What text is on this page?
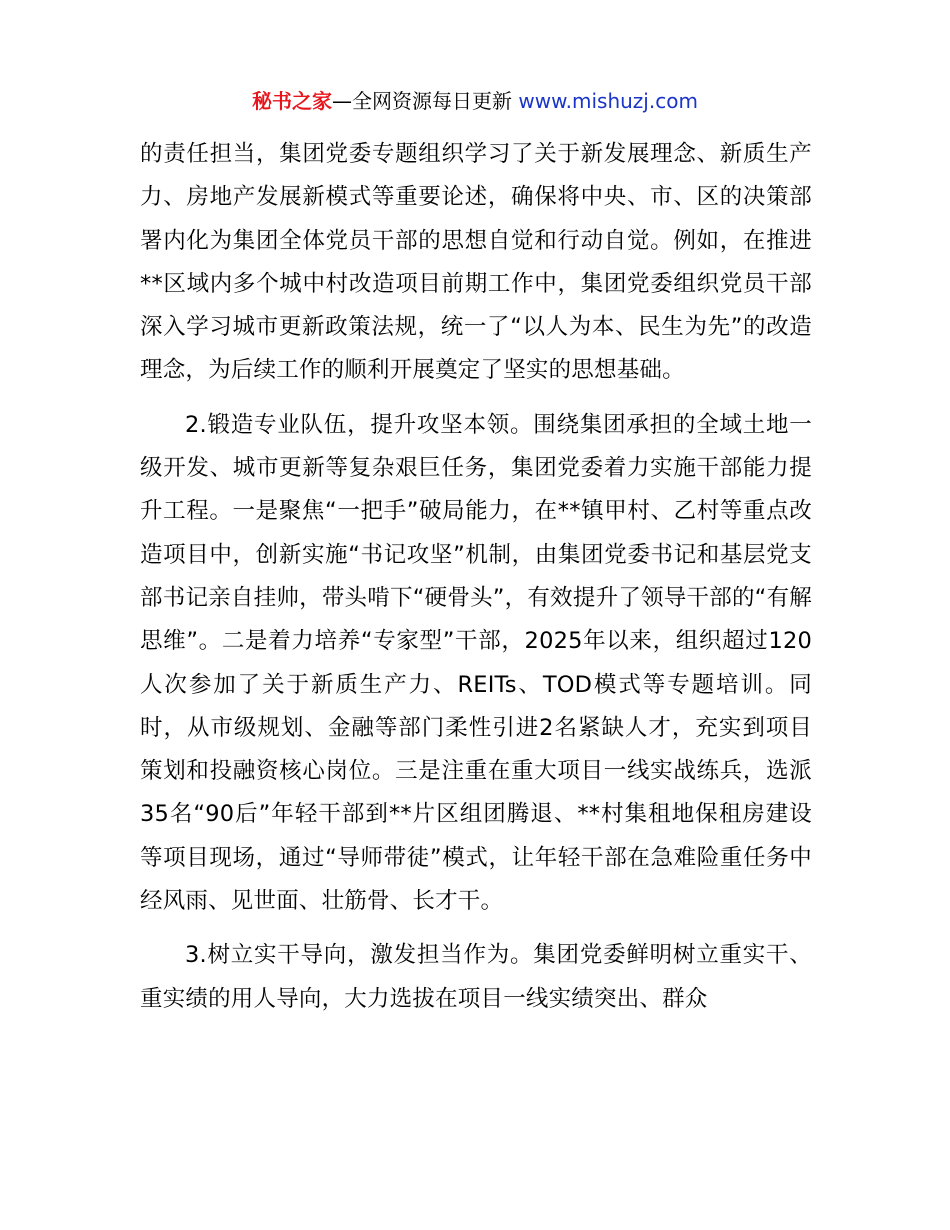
秘书之家—全网资源每日更新 www.mishuzj.com

的责任担当，集团党委专题组织学习了关于新发展理念、新质生产力、房地产发展新模式等重要论述，确保将中央、市、区的决策部署内化为集团全体党员干部的思想自觉和行动自觉。例如，在推进**区域内多个城中村改造项目前期工作中，集团党委组织党员干部深入学习城市更新政策法规，统一了“以人为本、民生为先”的改造理念，为后续工作的顺利开展奠定了坚实的思想基础。

2.锻造专业队伍，提升攻坚本领。围绕集团承担的全域土地一级开发、城市更新等复杂艰巨任务，集团党委着力实施干部能力提升工程。一是聚焦“一把手”破局能力，在**镇甲村、乙村等重点改造项目中，创新实施“书记攻坚”机制，由集团党委书记和基层党支部书记亲自挂帅，带头啃下“硬骨头”，有效提升了领导干部的“有解思维”。二是着力培养“专家型”干部，2025年以来，组织超过120人次参加了关于新质生产力、REITs、TOD模式等专题培训。同时，从市级规划、金融等部门柔性引进2名紧缺人才，充实到项目策划和投融资核心岗位。三是注重在重大项目一线实战练兵，选派35名“90后”年轻干部到**片区组团腾退、**村集租地保租房建设等项目现场，通过“导师带徒”模式，让年轻干部在急难险重任务中经风雨、见世面、壮筋骨、长才干。

3.树立实干导向，激发担当作为。集团党委鲜明树立重实干、重实绩的用人导向，大力选拔在项目一线实绩突出、群众
